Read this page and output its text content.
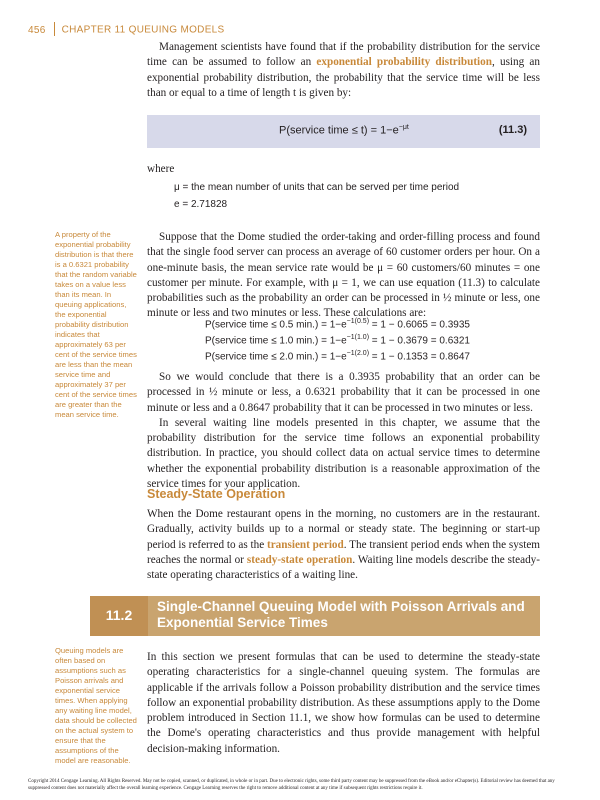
456 CHAPTER 11 QUEUING MODELS

Management scientists have found that if the probability distribution for the service time can be assumed to follow an exponential probability distribution, using an exponential probability distribution, the probability that the service time will be less than or equal to a time of length t is given by:

P(service time ≤ $t) = 1-e^{-\mu t}$	(11.3)
where
μ = the mean number of units that can be served per time period
e = 2.71828
A property of the exponential probability distribution is that there is a 0.6321 probability that the random variable takes on a value less than its mean. In queuing applications, the exponential probability distribution indicates that approximately 63 per cent of the service times are less than the mean service time and approximately 37 per cent of the service times are greater than the mean service time.

Suppose that the Dome studied the order-taking and order-filling process and found that the single food server can process an average of 60 customer orders per hour. On a one-minute basis, the mean service rate would be μ = 60 customers/60 minutes = one customer per minute. For example, with μ = 1, we can use equation (11.3) to calculate probabilities such as the probability an order can be processed in ½ minute or less, one minute or less and two minutes or less. These calculations are:

P(service time ≤ 0.5 $\min.) = 1-e^{-1(0.5)} = 1 - 0.6065 = 0.3935$
P(service time ≤ 1.0 $\min.) = 1-e^{-1(1.0)} = 1 - 0.3679 = 0.6321$
P(service time ≤ 2.0 $\min.) = 1-e^{-1(2.0)} = 1 - 0.1353 = 0.8647$

So we would conclude that there is a 0.3935 probability that an order can be processed in ½ minute or less, a 0.6321 probability that it can be processed in one minute or less and a 0.8647 probability that it can be processed in two minutes or less.

In several waiting line models presented in this chapter, we assume that the probability distribution for the service time follows an exponential probability distribution. In practice, you should collect data on actual service times to determine whether the exponential probability distribution is a reasonable approximation of the service times for your application.

Steady-State Operation

When the Dome restaurant opens in the morning, no customers are in the restaurant. Gradually, activity builds up to a normal or steady state. The beginning or start-up period is referred to as the transient period. The transient period ends when the system reaches the normal or steady-state operation. Waiting line models describe the steady-state operating characteristics of a waiting line.

11.2
Single-Channel Queuing Model with Poisson Arrivals and Exponential Service Times
Queuing models are often based on assumptions such as Poisson arrivals and exponential service times. When applying any waiting line model, data should be collected on the actual system to ensure that the assumptions of the model are reasonable.

In this section we present formulas that can be used to determine the steady-state operating characteristics for a single-channel queuing system. The formulas are applicable if the arrivals follow a Poisson probability distribution and the service times follow an exponential probability distribution. As these assumptions apply to the Dome problem introduced in Section 11.1, we show how formulas can be used to determine the Dome's operating characteristics and thus provide management with helpful decision-making information.

Copyright 2014 Cengage Learning. All Rights Reserved. May not be copied, scanned, or duplicated, in whole or in part. Due to electronic rights, some third party content may be suppressed from the eBook and/or eChapter(s). Editorial review has deemed that any suppressed content does not materially affect the overall learning experience. Cengage Learning reserves the right to remove additional content at any time if subsequent rights restrictions require it.
